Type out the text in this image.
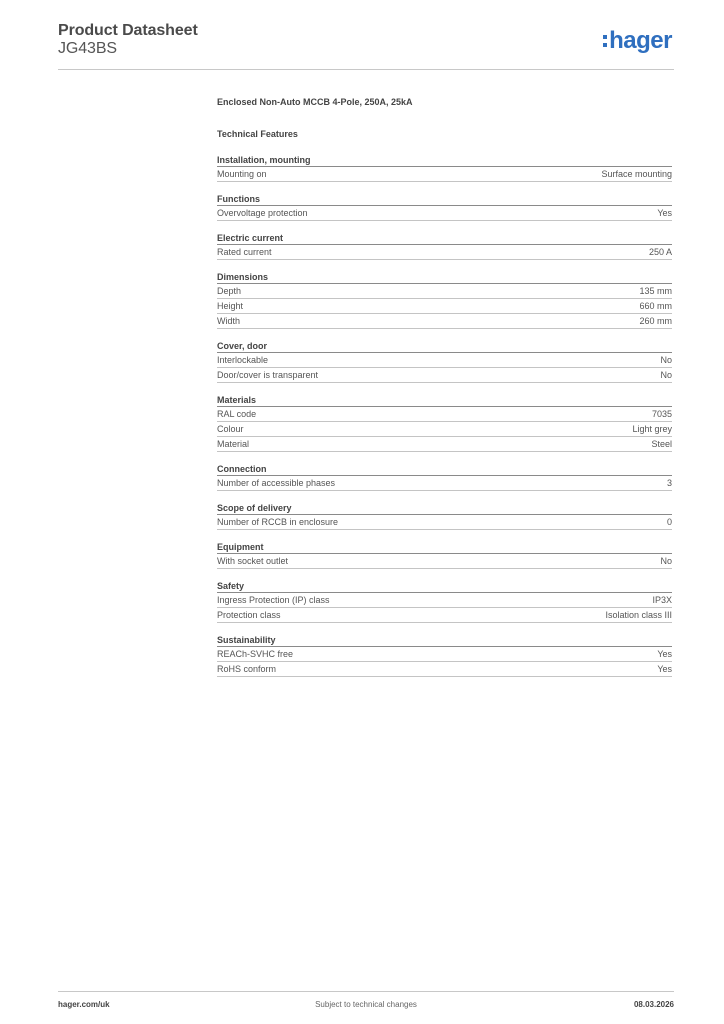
Product Datasheet
JG43BS	hager
Enclosed Non-Auto MCCB 4-Pole, 250A, 25kA
Technical Features
Installation, mounting
Mounting on	Surface mounting
Functions
Overvoltage protection	Yes
Electric current
Rated current	250 A
Dimensions
Depth	135 mm
Height	660 mm
Width	260 mm
Cover, door
Interlockable	No
Door/cover is transparent	No
Materials
RAL code	7035
Colour	Light grey
Material	Steel
Connection
Number of accessible phases	3
Scope of delivery
Number of RCCB in enclosure	0
Equipment
With socket outlet	No
Safety
Ingress Protection (IP) class	IP3X
Protection class	Isolation class III
Sustainability
REACh-SVHC free	Yes
RoHS conform	Yes
hager.com/uk	Subject to technical changes	08.03.2026
